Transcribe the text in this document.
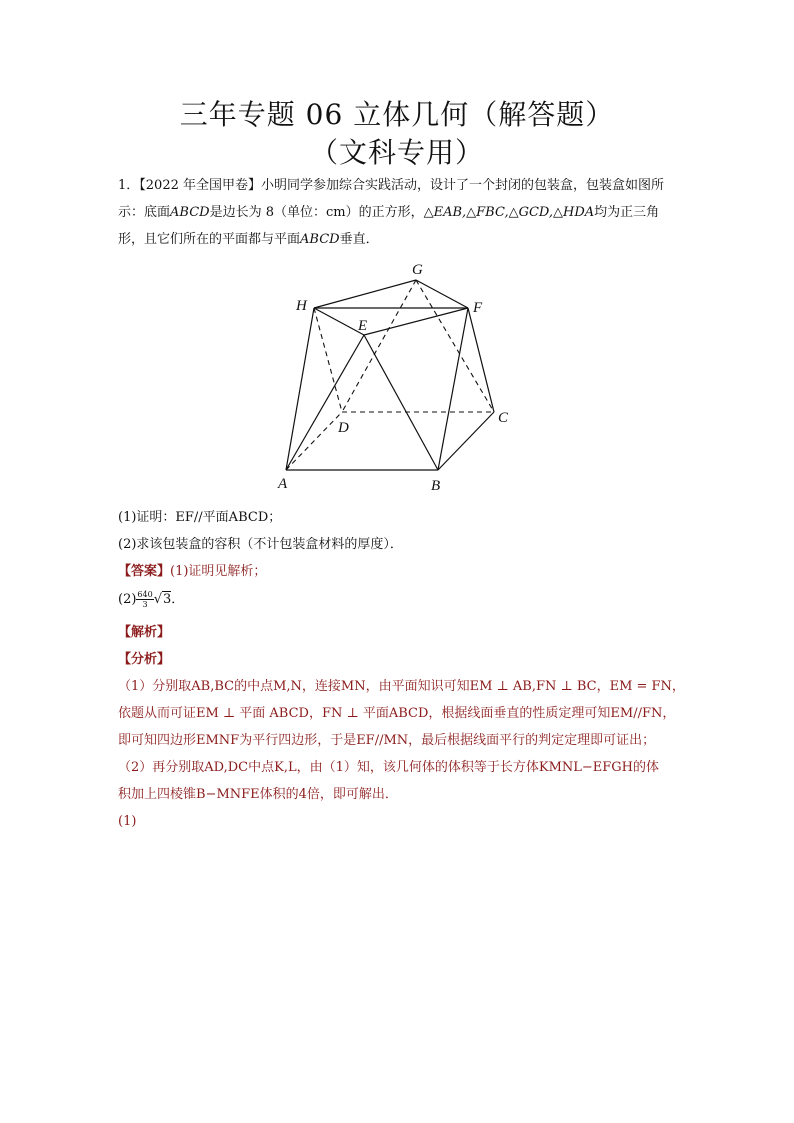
三年专题 06 立体几何（解答题）
（文科专用）
1．【2022 年全国甲卷】小明同学参加综合实践活动，设计了一个封闭的包装盒，包装盒如图所示：底面ABCD是边长为 8（单位：cm）的正方形，△EAB,△FBC,△GCD,△HDA均为正三角形，且它们所在的平面都与平面ABCD垂直．
G
H
E
F
D
C
A	B
(1)证明：EF//平面ABCD；
(2)求该包装盒的容积（不计包装盒材料的厚度）．
【答案】(1)证明见解析；
$(2) \frac{640}{3} √3$．
【解析】
【分析】
（1）分别取AB,BC的中点M,N，连接MN，由平面知识可知EM ⊥ AB,FN ⊥ BC，EM = FN，
依题从而可证EM ⊥ 平面 ABCD，FN ⊥ 平面ABCD，根据线面垂直的性质定理可知EM//FN，
即可知四边形EMNF为平行四边形，于是EF//MN，最后根据线面平行的判定定理即可证出；
（2）再分别取AD,DC中点K,L，由（1）知，该几何体的体积等于长方体KMNL−EFGH的体
积加上四棱锥B−MNFE体积的4倍，即可解出．
(1)
